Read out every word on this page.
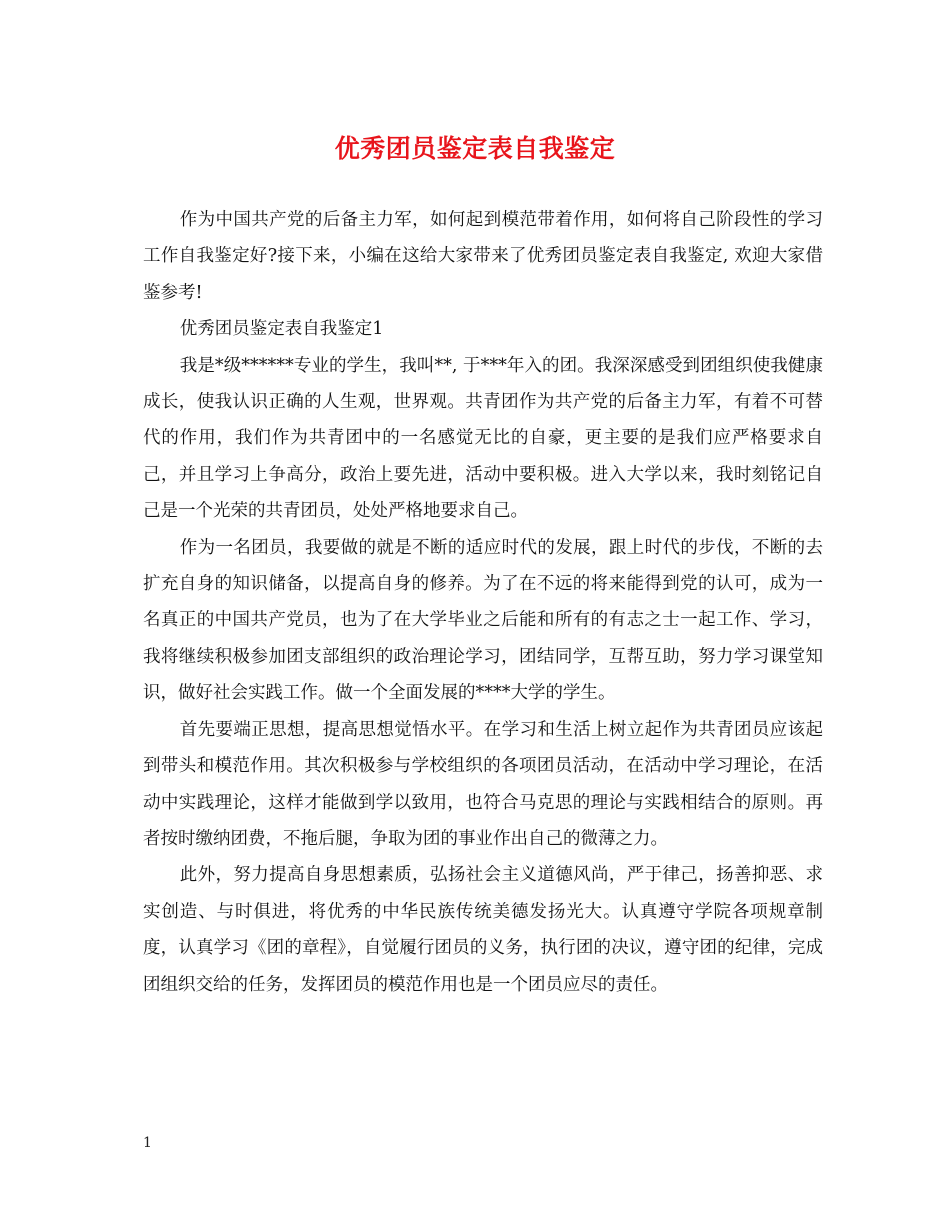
优秀团员鉴定表自我鉴定

作为中国共产党的后备主力军，如何起到模范带着作用，如何将自己阶段性的学习工作自我鉴定好?接下来，小编在这给大家带来了优秀团员鉴定表自我鉴定, 欢迎大家借鉴参考!

优秀团员鉴定表自我鉴定1

我是*级******专业的学生，我叫**, 于***年入的团。我深深感受到团组织使我健康成长，使我认识正确的人生观，世界观。共青团作为共产党的后备主力军，有着不可替代的作用，我们作为共青团中的一名感觉无比的自豪，更主要的是我们应严格要求自己，并且学习上争高分，政治上要先进，活动中要积极。进入大学以来，我时刻铭记自己是一个光荣的共青团员，处处严格地要求自己。

作为一名团员，我要做的就是不断的适应时代的发展，跟上时代的步伐，不断的去扩充自身的知识储备，以提高自身的修养。为了在不远的将来能得到党的认可，成为一名真正的中国共产党员，也为了在大学毕业之后能和所有的有志之士一起工作、学习，我将继续积极参加团支部组织的政治理论学习，团结同学，互帮互助，努力学习课堂知识，做好社会实践工作。做一个全面发展的****大学的学生。

首先要端正思想，提高思想觉悟水平。在学习和生活上树立起作为共青团员应该起到带头和模范作用。其次积极参与学校组织的各项团员活动，在活动中学习理论，在活动中实践理论，这样才能做到学以致用，也符合马克思的理论与实践相结合的原则。再者按时缴纳团费，不拖后腿，争取为团的事业作出自己的微薄之力。

此外，努力提高自身思想素质，弘扬社会主义道德风尚，严于律己，扬善抑恶、求实创造、与时俱进，将优秀的中华民族传统美德发扬光大。认真遵守学院各项规章制度，认真学习《团的章程》，自觉履行团员的义务，执行团的决议，遵守团的纪律，完成团组织交给的任务，发挥团员的模范作用也是一个团员应尽的责任。

1
